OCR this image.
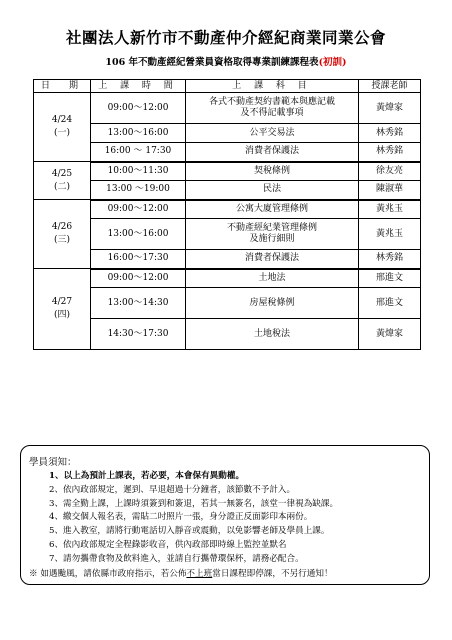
社團法人新竹市不動產仲介經紀商業同業公會
106 年不動產經紀營業員資格取得專業訓練課程表(初訓)
日　期	上 課 時 間	上 課 科 目	授課老師
4/24
(一)	09:00～12:00	各式不動產契約書範本與應記載
及不得記載事項	黃煒家
	13:00～16:00	公平交易法	林秀銘
	16:00 ～ 17:30	消費者保護法	林秀銘
4/25
(二)	10:00～11:30	契稅條例	徐友亮
	13:00 ～19:00	民法	陳淑華
4/26
(三)	09:00～12:00	公寓大廈管理條例	黃兆玉
	13:00～16:00	不動產經紀業管理條例
及施行細則	黃兆玉
	16:00～17:30	消費者保護法	林秀銘
4/27
(四)	09:00～12:00	土地法	邢進文
	13:00～14:30	房屋稅條例	邢進文
	14:30～17:30	土地稅法	黃煒家
學員須知：
1、以上為預計上課表，若必要，本會保有異動權。
2、依內政部規定，遲到、早退超過十分鐘者，該節數不予計入。
3、需全勤上課，上課時須簽到和簽退，若其一無簽名，該堂一律視為缺課。
4、繳交個人報名表，需貼二吋照片一張，身分證正反面影印本兩份。
5、進入教室，請將行動電話切入靜音或震動，以免影響老師及學員上課。
6、依內政部規定全程錄影收音，供內政部即時線上監控並默名
7、請勿攜帶食物及飲料進入，並請自行攜帶環保杯，請務必配合。
※ 如遇颱風，請依縣市政府指示，若公佈不上班當日課程即停課，不另行通知！
